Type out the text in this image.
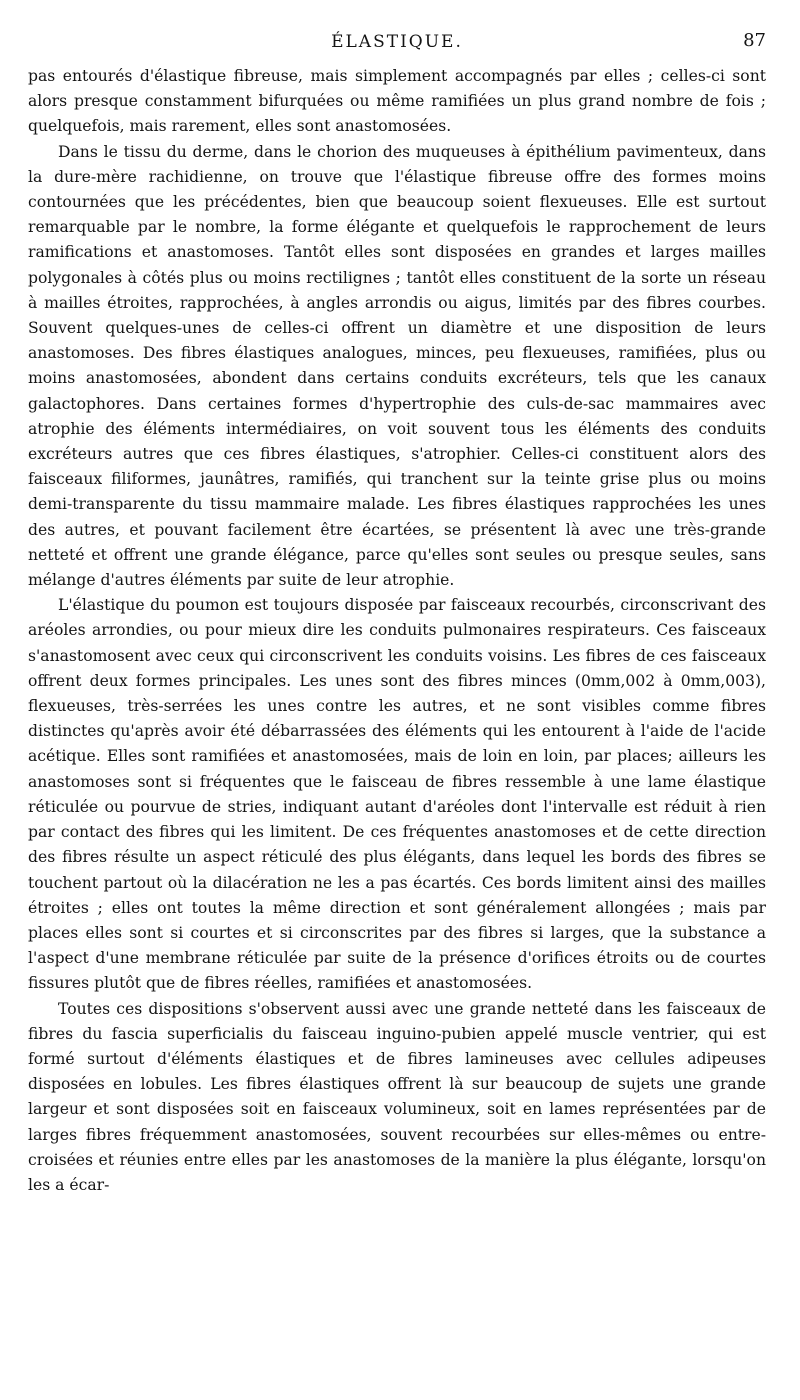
ÉLASTIQUE.	87

pas entourés d'élastique fibreuse, mais simplement accompagnés par elles ; celles-ci sont alors presque constamment bifurquées ou même ramifiées un plus grand nombre de fois ; quelquefois, mais rarement, elles sont anastomosées.

Dans le tissu du derme, dans le chorion des muqueuses à épithélium pavimenteux, dans la dure-mère rachidienne, on trouve que l'élastique fibreuse offre des formes moins contournées que les précédentes, bien que beaucoup soient flexueuses. Elle est surtout remarquable par le nombre, la forme élégante et quelquefois le rapprochement de leurs ramifications et anastomoses. Tantôt elles sont disposées en grandes et larges mailles polygonales à côtés plus ou moins rectilignes ; tantôt elles constituent de la sorte un réseau à mailles étroites, rapprochées, à angles arrondis ou aigus, limités par des fibres courbes. Souvent quelques-unes de celles-ci offrent un diamètre et une disposition de leurs anastomoses. Des fibres élastiques analogues, minces, peu flexueuses, ramifiées, plus ou moins anastomosées, abondent dans certains conduits excréteurs, tels que les canaux galactophores. Dans certaines formes d'hypertrophie des culs-de-sac mammaires avec atrophie des éléments intermédiaires, on voit souvent tous les éléments des conduits excréteurs autres que ces fibres élastiques, s'atrophier. Celles-ci constituent alors des faisceaux filiformes, jaunâtres, ramifiés, qui tranchent sur la teinte grise plus ou moins demi-transparente du tissu mammaire malade. Les fibres élastiques rapprochées les unes des autres, et pouvant facilement être écartées, se présentent là avec une très-grande netteté et offrent une grande élégance, parce qu'elles sont seules ou presque seules, sans mélange d'autres éléments par suite de leur atrophie.

L'élastique du poumon est toujours disposée par faisceaux recourbés, circonscrivant des aréoles arrondies, ou pour mieux dire les conduits pulmonaires respirateurs. Ces faisceaux s'anastomosent avec ceux qui circonscrivent les conduits voisins. Les fibres de ces faisceaux offrent deux formes principales. Les unes sont des fibres minces (0mm,002 à 0mm,003), flexueuses, très-serrées les unes contre les autres, et ne sont visibles comme fibres distinctes qu'après avoir été débarrassées des éléments qui les entourent à l'aide de l'acide acétique. Elles sont ramifiées et anastomosées, mais de loin en loin, par places; ailleurs les anastomoses sont si fréquentes que le faisceau de fibres ressemble à une lame élastique réticulée ou pourvue de stries, indiquant autant d'aréoles dont l'intervalle est réduit à rien par contact des fibres qui les limitent. De ces fréquentes anastomoses et de cette direction des fibres résulte un aspect réticulé des plus élégants, dans lequel les bords des fibres se touchent partout où la dilacération ne les a pas écartés. Ces bords limitent ainsi des mailles étroites ; elles ont toutes la même direction et sont généralement allongées ; mais par places elles sont si courtes et si circonscrites par des fibres si larges, que la substance a l'aspect d'une membrane réticulée par suite de la présence d'orifices étroits ou de courtes fissures plutôt que de fibres réelles, ramifiées et anastomosées.

Toutes ces dispositions s'observent aussi avec une grande netteté dans les faisceaux de fibres du fascia superficialis du faisceau inguino-pubien appelé muscle ventrier, qui est formé surtout d'éléments élastiques et de fibres lamineuses avec cellules adipeuses disposées en lobules. Les fibres élastiques offrent là sur beaucoup de sujets une grande largeur et sont disposées soit en faisceaux volumineux, soit en lames représentées par de larges fibres fréquemment anastomosées, souvent recourbées sur elles-mêmes ou entre-croisées et réunies entre elles par les anastomoses de la manière la plus élégante, lorsqu'on les a écar-
